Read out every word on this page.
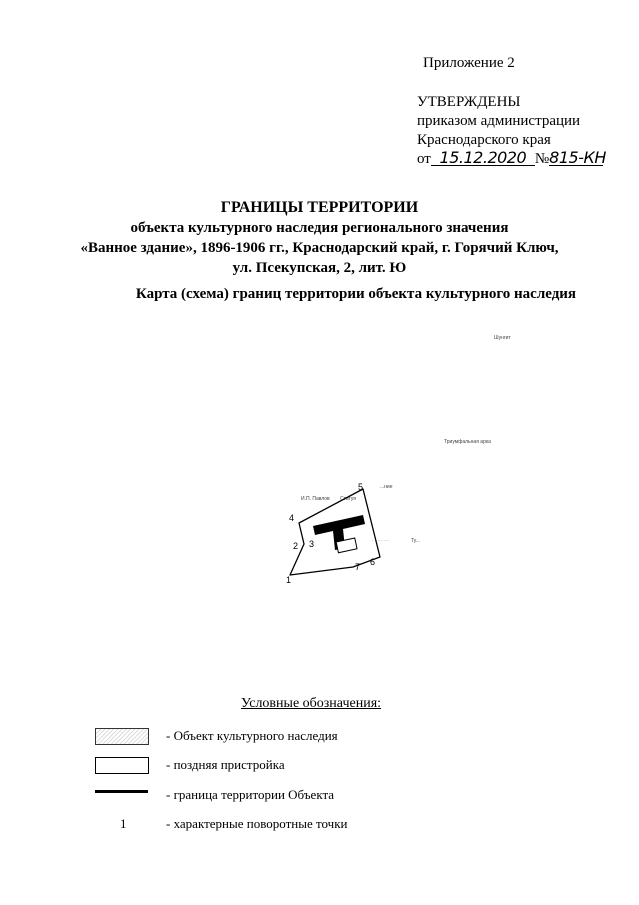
Приложение 2
УТВЕРЖДЕНЫ
приказом администрации
Краснодарского края
от 15.12.2020 №815-КН
ГРАНИЦЫ ТЕРРИТОРИИ
объекта культурного наследия регионального значения
«Ванное здание», 1896-1906 гг., Краснодарский край, г. Горячий Ключ,
ул. Псекупская, 2, лит. Ю
Карта (схема) границ территории объекта культурного наследия
Шунгит
Триумфальная арка
...ние
И.П. Павлов Статуя
· · · · · ·	Ту...
1
2 3
4
5
6
7
Условные обозначения:
- Объект культурного наследия
- поздняя пристройка
- граница территории Объекта
1	- характерные поворотные точки
